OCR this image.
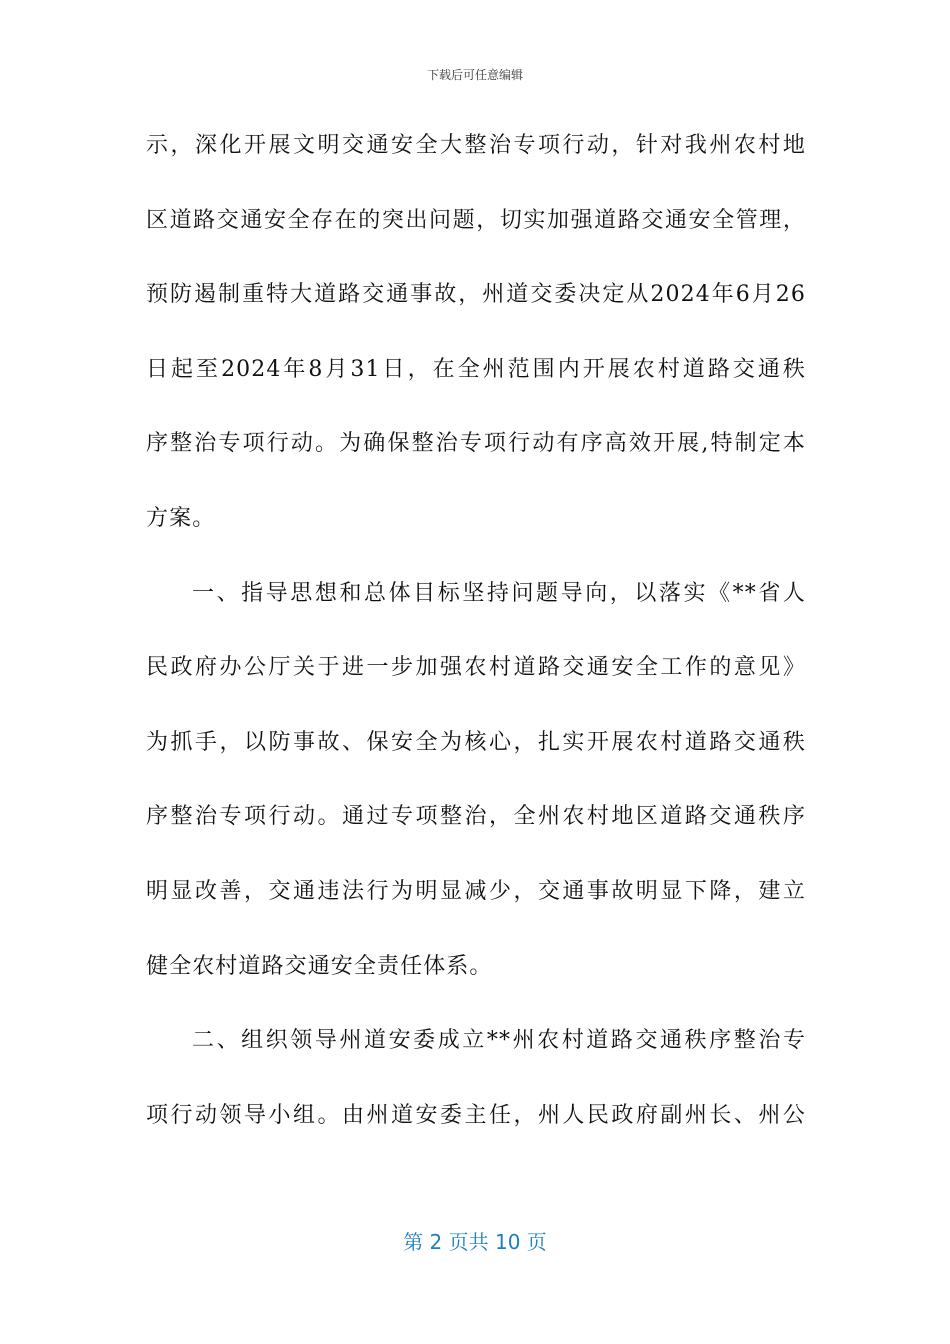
下载后可任意编辑
示，深化开展文明交通安全大整治专项行动，针对我州农村地
区道路交通安全存在的突出问题，切实加强道路交通安全管理，
预防遏制重特大道路交通事故，州道交委决定从2024年6月26
日起至2024年8月31日，在全州范围内开展农村道路交通秩
序整治专项行动。为确保整治专项行动有序高效开展,特制定本
方案。
一、指导思想和总体目标坚持问题导向，以落实《**省人
民政府办公厅关于进一步加强农村道路交通安全工作的意见》
为抓手，以防事故、保安全为核心，扎实开展农村道路交通秩
序整治专项行动。通过专项整治，全州农村地区道路交通秩序
明显改善，交通违法行为明显减少，交通事故明显下降，建立
健全农村道路交通安全责任体系。
二、组织领导州道安委成立**州农村道路交通秩序整治专
项行动领导小组。由州道安委主任，州人民政府副州长、州公
第 2 页共 10 页
